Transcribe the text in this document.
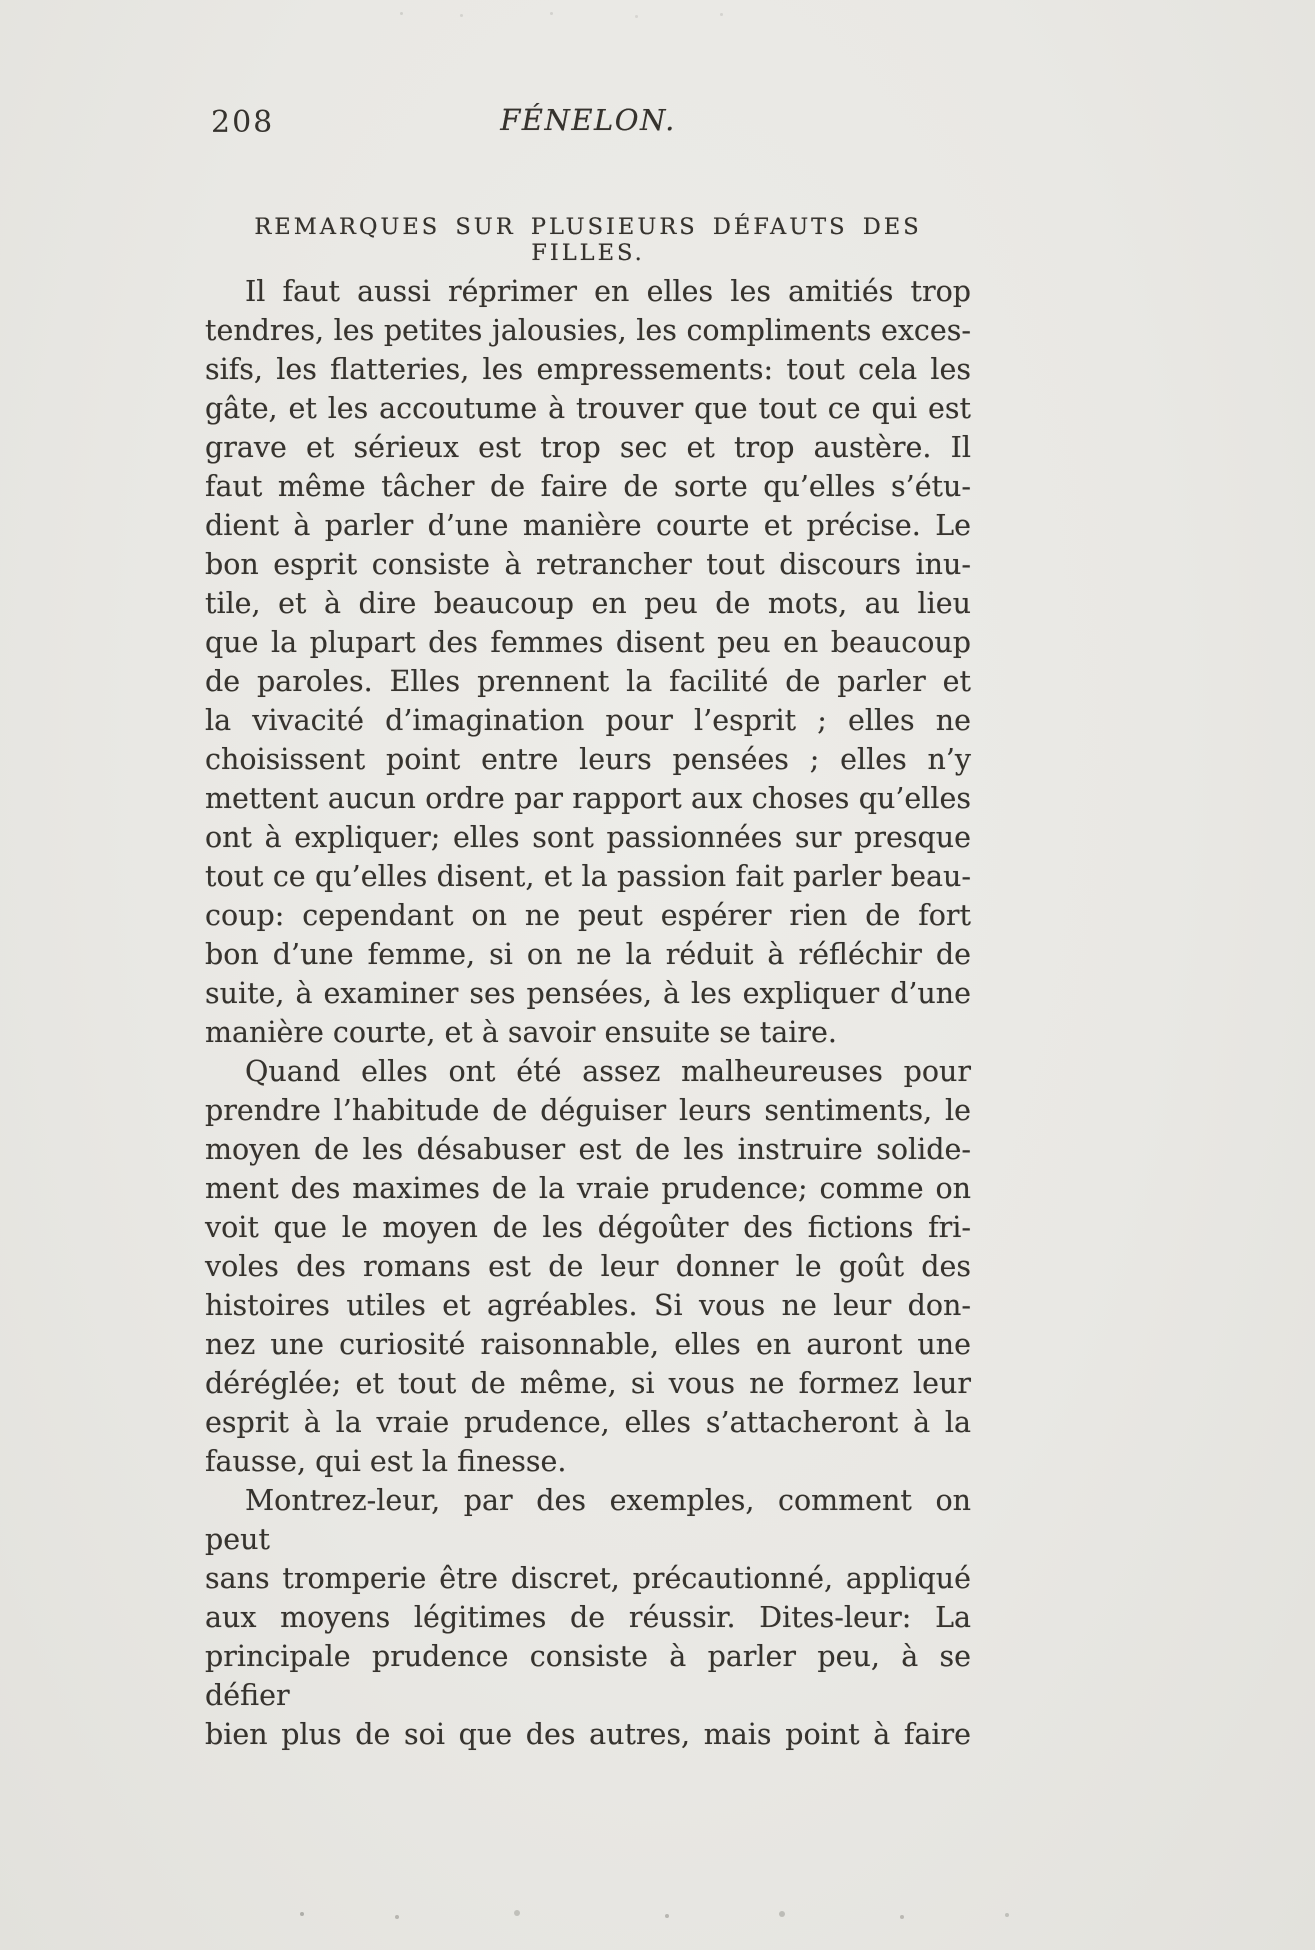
208	FÉNELON.
REMARQUES SUR PLUSIEURS DÉFAUTS DES FILLES.

Il faut aussi réprimer en elles les amitiés trop
tendres, les petites jalousies, les compliments exces-
sifs, les flatteries, les empressements: tout cela les
gâte, et les accoutume à trouver que tout ce qui est
grave et sérieux est trop sec et trop austère. Il
faut même tâcher de faire de sorte qu’elles s’étu-
dient à parler d’une manière courte et précise. Le
bon esprit consiste à retrancher tout discours inu-
tile, et à dire beaucoup en peu de mots, au lieu
que la plupart des femmes disent peu en beaucoup
de paroles. Elles prennent la facilité de parler et
la vivacité d’imagination pour l’esprit ; elles ne
choisissent point entre leurs pensées ; elles n’y
mettent aucun ordre par rapport aux choses qu’elles
ont à expliquer; elles sont passionnées sur presque
tout ce qu’elles disent, et la passion fait parler beau-
coup: cependant on ne peut espérer rien de fort
bon d’une femme, si on ne la réduit à réfléchir de
suite, à examiner ses pensées, à les expliquer d’une
manière courte, et à savoir ensuite se taire.

Quand elles ont été assez malheureuses pour
prendre l’habitude de déguiser leurs sentiments, le
moyen de les désabuser est de les instruire solide-
ment des maximes de la vraie prudence; comme on
voit que le moyen de les dégoûter des fictions fri-
voles des romans est de leur donner le goût des
histoires utiles et agréables. Si vous ne leur don-
nez une curiosité raisonnable, elles en auront une
déréglée; et tout de même, si vous ne formez leur
esprit à la vraie prudence, elles s’attacheront à la
fausse, qui est la finesse.

Montrez-leur, par des exemples, comment on peut
sans tromperie être discret, précautionné, appliqué
aux moyens légitimes de réussir. Dites-leur: La
principale prudence consiste à parler peu, à se défier
bien plus de soi que des autres, mais point à faire
